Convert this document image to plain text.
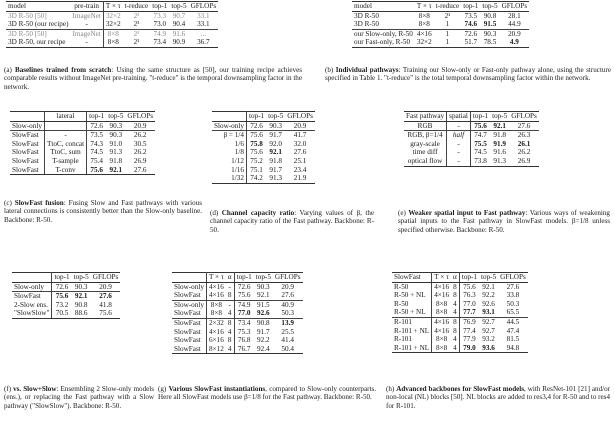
model	pre-train	T × τ	t-reduce	top-1	top-5	GFLOPs
3D R-50 [50]	ImageNet	32×2	2³	73.3	90.7	33.1
3D R-50 (our recipe)	-	32×2	2³	73.0	90.4	33.1
3D R-50 [50]	ImageNet	8×8	2¹	74.9	91.6	...
3D R-50, our recipe	-	8×8	2¹	73.4	90.9	36.7
(a) Baselines trained from scratch: Using the same structure as [50], our training recipe achieves comparable results without ImageNet pre-training. "t-reduce" is the temporal downsampling factor in the network.
model	T × τ	t-reduce	top-1	top-5	GFLOPs
3D R-50	8×8	2¹	73.5	90.8	28.1
3D R-50	8×8	1	74.6	91.5	44.9
our Slow-only, R-50	4×16	1	72.6	90.3	20.9
our Fast-only, R-50	32×2	1	51.7	78.5	4.9
(b) Individual pathways: Training our Slow-only or Fast-only pathway alone, using the structure specified in Table 1. "t-reduce" is the total temporal downsampling factor within the network.
	lateral	top-1	top-5	GFLOPs
Slow-only		72.6	90.3	20.9
SlowFast	-	73.5	90.3	26.2
SlowFast	TtoC, concat	74.3	91.0	30.5
SlowFast	TtoC, sum	74.5	91.3	26.2
SlowFast	T-sample	75.4	91.8	26.9
SlowFast	T-conv	75.6	92.1	27.6
(c) SlowFast fusion: Fusing Slow and Fast pathways with various lateral connections is consistently better than the Slow-only baseline. Backbone: R-50.
	top-1	top-5	GFLOPs
Slow-only	72.6	90.3	20.9
β = 1/4	75.6	91.7	41.7
1/6	75.8	92.0	32.0
1/8	75.6	92.1	27.6
1/12	75.2	91.8	25.1
1/16	75.1	91.7	23.4
1/32	74.2	91.3	21.9
(d) Channel capacity ratio: Varying values of β, the channel capacity ratio of the Fast pathway. Backbone: R-50.
Fast pathway	spatial	top-1	top-5	GFLOPs
RGB	-	75.6	92.1	27.6
RGB, β=1/4	half	74.7	91.8	26.3
gray-scale	-	75.5	91.9	26.1
time diff	-	74.5	91.6	26.2
optical flow	-	73.8	91.3	26.9
(e) Weaker spatial input to Fast pathway: Various ways of weakening spatial inputs to the Fast pathway in SlowFast models. β=1/8 unless specified otherwise. Backbone: R-50.
	top-1	top-5	GFLOPs
Slow-only	72.6	90.3	20.9
SlowFast	75.6	92.1	27.6
2-Slow ens.	73.2	90.8	41.8
"SlowSlow"	70.5	88.6	75.6
(f) vs. Slow+Slow: Ensembling 2 Slow-only models (ens.), or replacing the Fast pathway with a Slow pathway ("SlowSlow"). Backbone: R-50.
	T × τ	α	top-1	top-5	GFLOPs
Slow-only	4×16	-	72.6	90.3	20.9
SlowFast	4×16	8	75.6	92.1	27.6
Slow-only	8×8	-	74.9	91.5	40.9
SlowFast	8×8	4	77.0	92.6	50.3
SlowFast	2×32	8	73.4	90.8	13.9
SlowFast	4×16	4	75.3	91.7	25.5
SlowFast	6×16	8	76.8	92.2	41.4
SlowFast	8×12	4	76.7	92.4	50.4
(g) Various SlowFast instantiations, compared to Slow-only counterparts. Here all SlowFast models use β=1/8 for the Fast pathway. Backbone: R-50.
SlowFast	T × τ	α	top-1	top-5	GFLOPs
R-50	4×16	8	75.6	92.1	27.6
R-50 + NL	4×16	8	76.3	92.2	33.8
R-50	8×8	4	77.0	92.6	50.3
R-50 + NL	8×8	4	77.7	93.1	65.5
R-101	4×16	8	76.9	92.7	44.5
R-101 + NL	4×16	8	77.4	92.7	47.4
R-101	8×8	4	77.9	93.2	81.5
R-101 + NL	8×8	4	79.0	93.6	94.8
(h) Advanced backbones for SlowFast models, with ResNet-101 [21] and/or non-local (NL) blocks [50]. NL blocks are added to res3,4 for R-50 and to res4 for R-101.
